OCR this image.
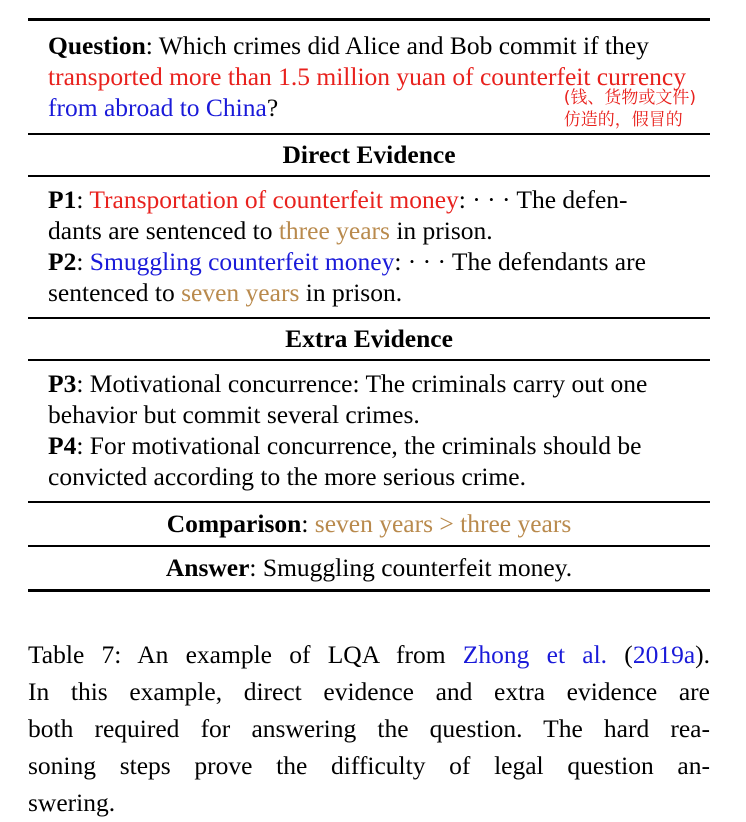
Question: Which crimes did Alice and Bob commit if they
transported more than 1.5 million yuan of counterfeit currency from abroad to China?	(钱、货物或文件)
仿造的，假冒的
Direct Evidence
P1: Transportation of counterfeit money: · · · The defen-
dants are sentenced to three years in prison.
P2: Smuggling counterfeit money: · · · The defendants are
sentenced to seven years in prison.
Extra Evidence
P3: Motivational concurrence: The criminals carry out one
behavior but commit several crimes.
P4: For motivational concurrence, the criminals should be
convicted according to the more serious crime.
Comparison: seven years > three years
Answer: Smuggling counterfeit money.
Table 7: An example of LQA from Zhong et al. (2019a).
In this example, direct evidence and extra evidence are
both required for answering the question. The hard rea-
soning steps prove the difficulty of legal question an-
swering.
